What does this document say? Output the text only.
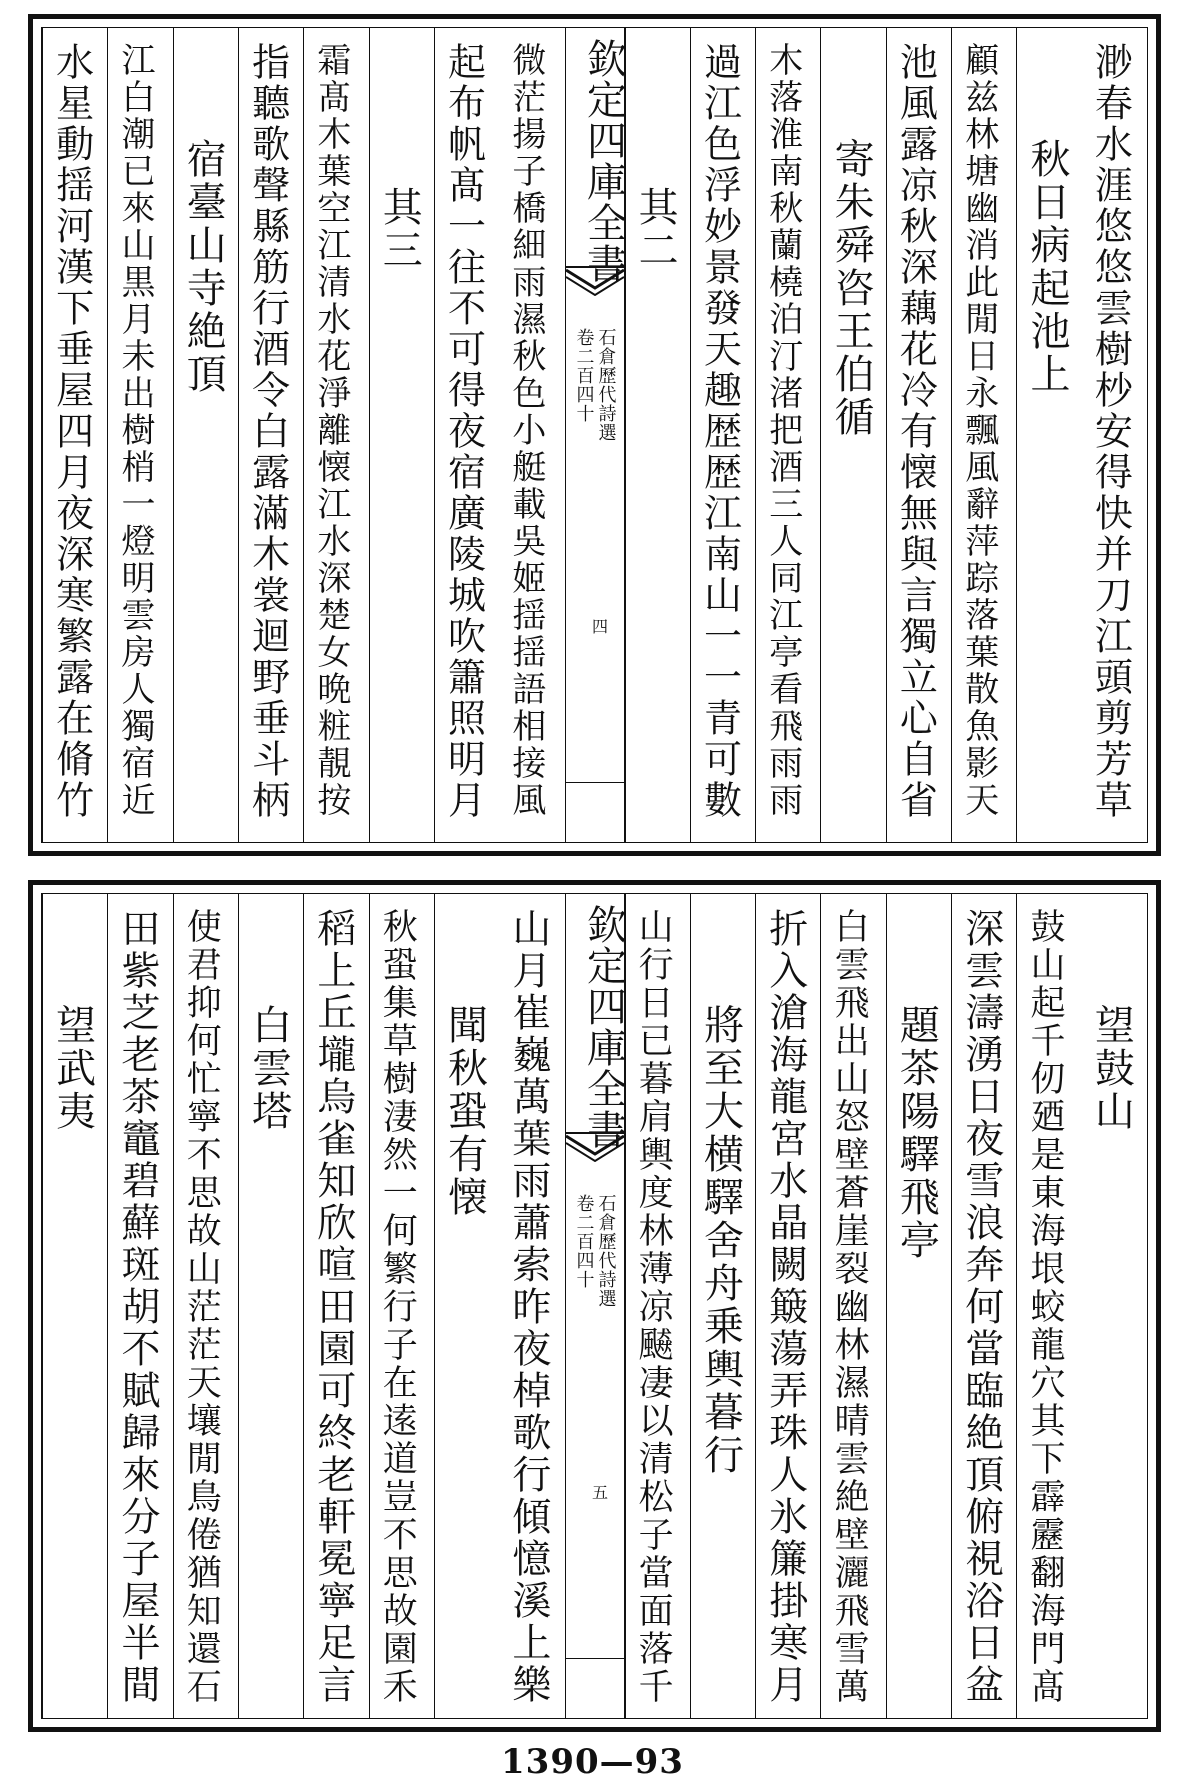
渺春水涯悠悠雲樹杪安得快并刀江頭剪芳草
秋日病起池上
顧兹林塘幽消此閒日永飄風辭萍踪落葉散魚影天
池風露凉秋深藕花冷有懐無與言獨立心自省
寄朱舜咨王伯循
木落淮南秋蘭橈泊汀渚把酒三人同江亭看飛雨雨
過江色浮妙景發天趣歴歴江南山一一青可數
其二
欽定四庫全書
石倉歷代詩選
卷二百四十
四
微茫揚子橋細雨濕秋色小艇載吳姬揺揺語相接風
起布帆髙一往不可得夜宿廣陵城吹簫照明月
其三
霜髙木葉空江清水花淨離懐江水深楚女晩粧靚按
指聽歌聲縣筋行酒令白露滿木裳迴野垂斗柄
宿臺山寺絶頂
江白潮已來山黒月未出樹梢一燈明雲房人獨宿近
水星動揺河漢下垂屋四月夜深寒繁露在脩竹
望鼓山
鼓山起千仞廼是東海垠蛟龍穴其下霹靂翻海門髙
深雲濤湧日夜雪浪奔何當臨絶頂俯視浴日盆
題茶陽驛飛亭
白雲飛出山怒壁蒼崖裂幽林濕晴雲絶壁灑飛雪萬
折入滄海龍宮水晶闕簸蕩弄珠人氷簾掛寒月
將至大横驛舍舟乗輿暮行
山行日已暮肩輿度林薄凉飇凄以清松子當面落千
欽定四庫全書
石倉歷代詩選
卷二百四十
五
山月崔巍萬葉雨蕭索昨夜棹歌行傾憶溪上樂
聞秋蛩有懐
秋蛩集草樹淒然一何繁行子在逺道豈不思故園禾
稻上丘壠烏雀知欣喧田園可終老軒冕寧足言
白雲塔
使君抑何忙寧不思故山茫茫天壤閒鳥倦猶知還石
田紫芝老茶竈碧蘚斑胡不賦歸來分子屋半間
望武夷
1390—93
